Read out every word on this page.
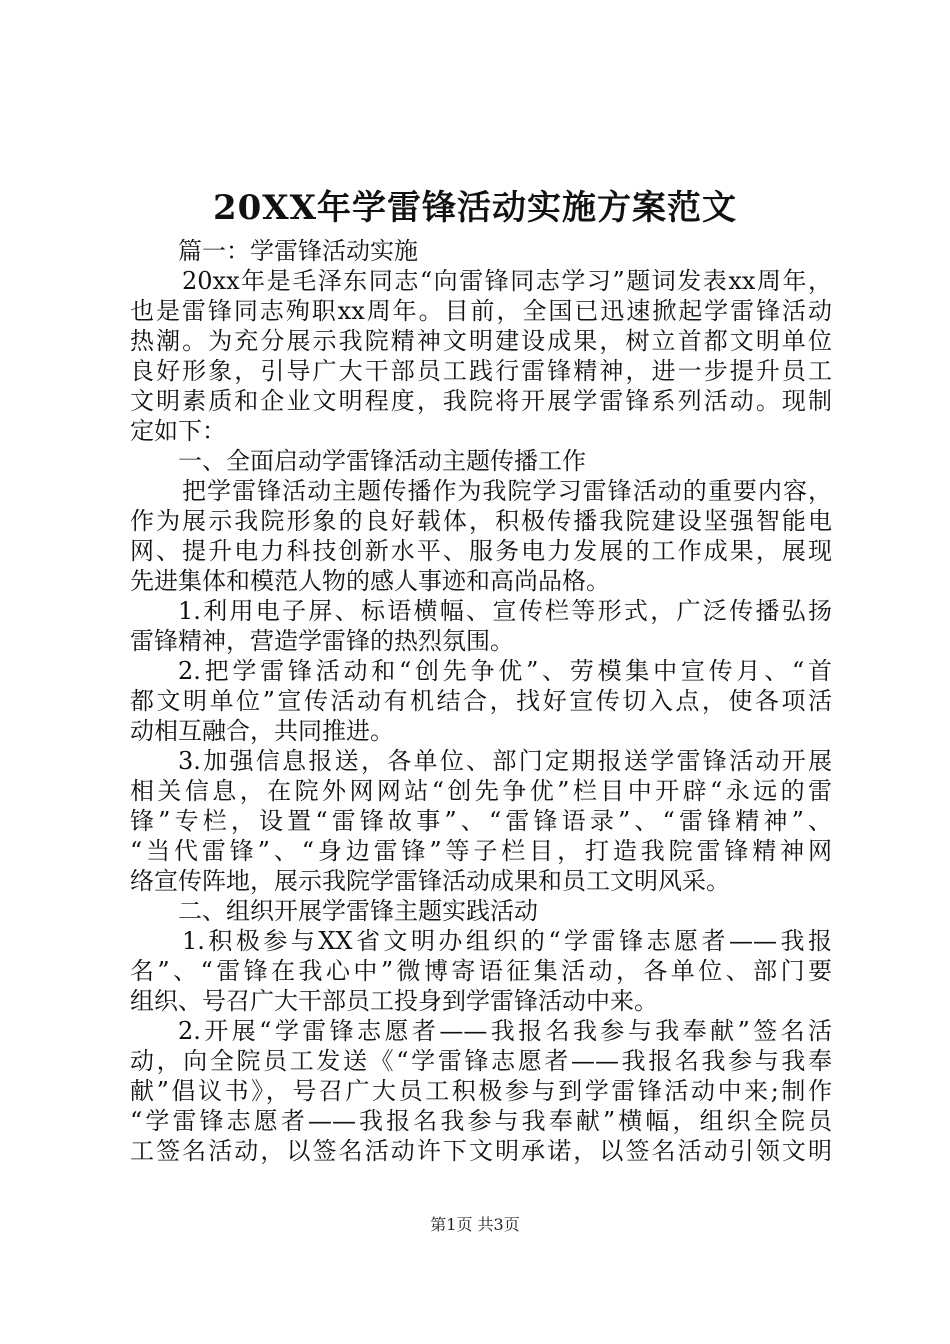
20XX年学雷锋活动实施方案范文
篇一：学雷锋活动实施
20xx年是毛泽东同志“向雷锋同志学习”题词发表xx周年，
也是雷锋同志殉职xx周年。目前，全国已迅速掀起学雷锋活动
热潮。为充分展示我院精神文明建设成果，树立首都文明单位
良好形象，引导广大干部员工践行雷锋精神，进一步提升员工
文明素质和企业文明程度，我院将开展学雷锋系列活动。现制
定如下：
一、全面启动学雷锋活动主题传播工作
把学雷锋活动主题传播作为我院学习雷锋活动的重要内容，
作为展示我院形象的良好载体，积极传播我院建设坚强智能电
网、提升电力科技创新水平、服务电力发展的工作成果，展现
先进集体和模范人物的感人事迹和高尚品格。
1.利用电子屏、标语横幅、宣传栏等形式，广泛传播弘扬
雷锋精神，营造学雷锋的热烈氛围。
2.把学雷锋活动和“创先争优”、劳模集中宣传月、“首
都文明单位”宣传活动有机结合，找好宣传切入点，使各项活
动相互融合，共同推进。
3.加强信息报送，各单位、部门定期报送学雷锋活动开展
相关信息，在院外网网站“创先争优”栏目中开辟“永远的雷
锋”专栏，设置“雷锋故事”、“雷锋语录”、“雷锋精神”、
“当代雷锋”、“身边雷锋”等子栏目，打造我院雷锋精神网
络宣传阵地，展示我院学雷锋活动成果和员工文明风采。
二、组织开展学雷锋主题实践活动
1.积极参与XX省文明办组织的“学雷锋志愿者——我报
名”、“雷锋在我心中”微博寄语征集活动，各单位、部门要
组织、号召广大干部员工投身到学雷锋活动中来。
2.开展“学雷锋志愿者——我报名我参与我奉献”签名活
动，向全院员工发送《“学雷锋志愿者——我报名我参与我奉
献”倡议书》，号召广大员工积极参与到学雷锋活动中来;制作
“学雷锋志愿者——我报名我参与我奉献”横幅，组织全院员
工签名活动，以签名活动许下文明承诺，以签名活动引领文明
第1页 共3页
